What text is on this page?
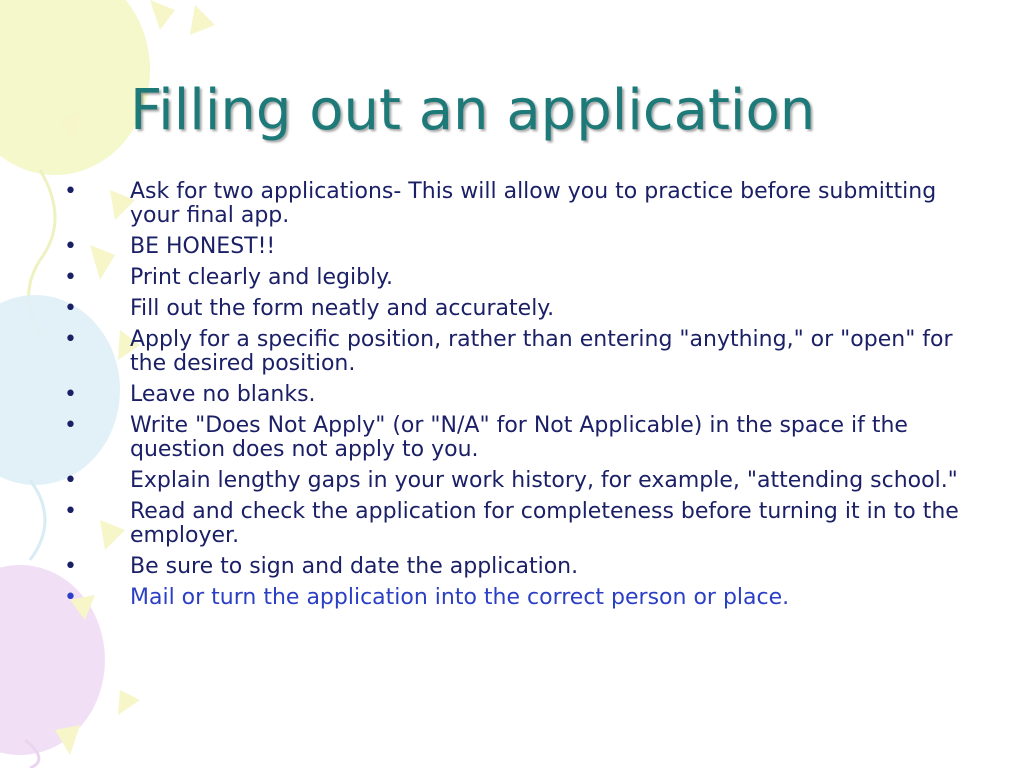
Filling out an application
• Ask for two applications- This will allow you to practice before submitting your final app.
• BE HONEST!!
• Print clearly and legibly.
• Fill out the form neatly and accurately.
• Apply for a specific position, rather than entering "anything," or "open" for the desired position.
• Leave no blanks.
• Write "Does Not Apply" (or "N/A" for Not Applicable) in the space if the question does not apply to you.
• Explain lengthy gaps in your work history, for example, "attending school."
• Read and check the application for completeness before turning it in to the employer.
• Be sure to sign and date the application.
• Mail or turn the application into the correct person or place.
